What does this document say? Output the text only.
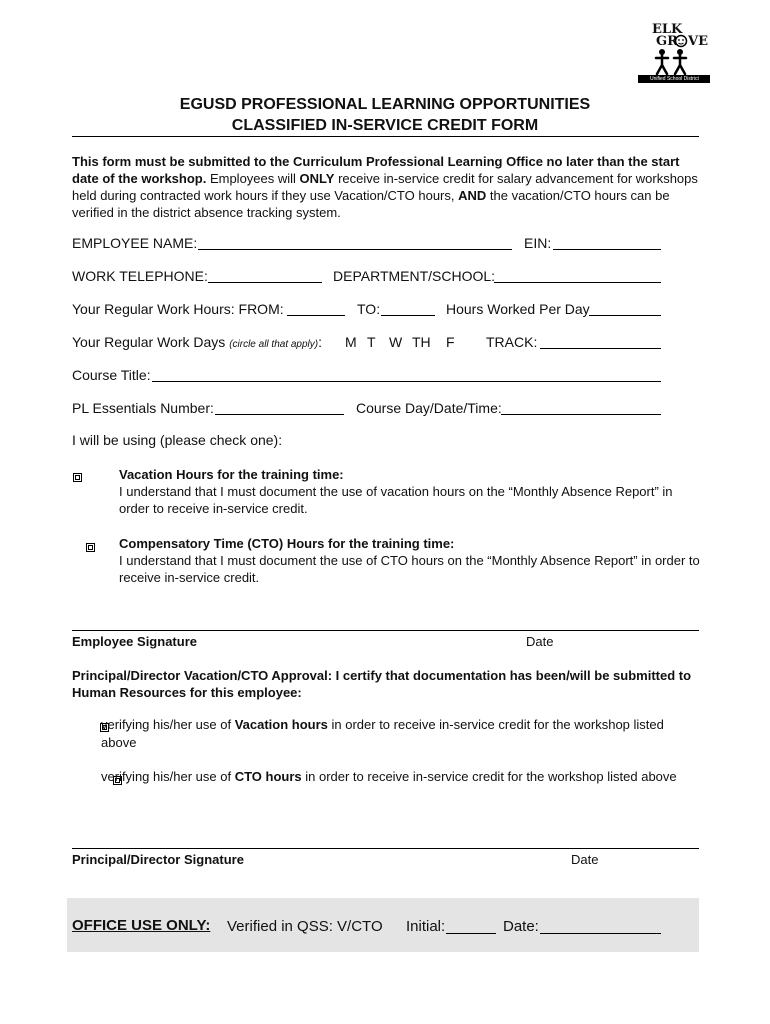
ELK
GR VE
Unified School District
EGUSD PROFESSIONAL LEARNING OPPORTUNITIES
CLASSIFIED IN-SERVICE CREDIT FORM
This form must be submitted to the Curriculum Professional Learning Office no later than the start date of the workshop. Employees will ONLY receive in-service credit for salary advancement for workshops held during contracted work hours if they use Vacation/CTO hours, AND the vacation/CTO hours can be verified in the district absence tracking system.
EMPLOYEE NAME:	EIN:
WORK TELEPHONE:	DEPARTMENT/SCHOOL:
Your Regular Work Hours: FROM:	TO:	Hours Worked Per Day
Your Regular Work Days (circle all that apply): M T W TH F TRACK:
Course Title:
PL Essentials Number:	Course Day/Date/Time:
I will be using (please check one):

Vacation Hours for the training time:
I understand that I must document the use of vacation hours on the “Monthly Absence Report” in order to receive in-service credit.

Compensatory Time (CTO) Hours for the training time:
I understand that I must document the use of CTO hours on the “Monthly Absence Report” in order to receive in-service credit.
Employee Signature	Date
Principal/Director Vacation/CTO Approval: I certify that documentation has been/will be submitted to Human Resources for this employee:

verifying his/her use of Vacation hours in order to receive in-service credit for the workshop listed above
verifying his/her use of CTO hours in order to receive in-service credit for the workshop listed above
Principal/Director Signature	Date
OFFICE USE ONLY: Verified in QSS: V/CTO Initial:	Date:
